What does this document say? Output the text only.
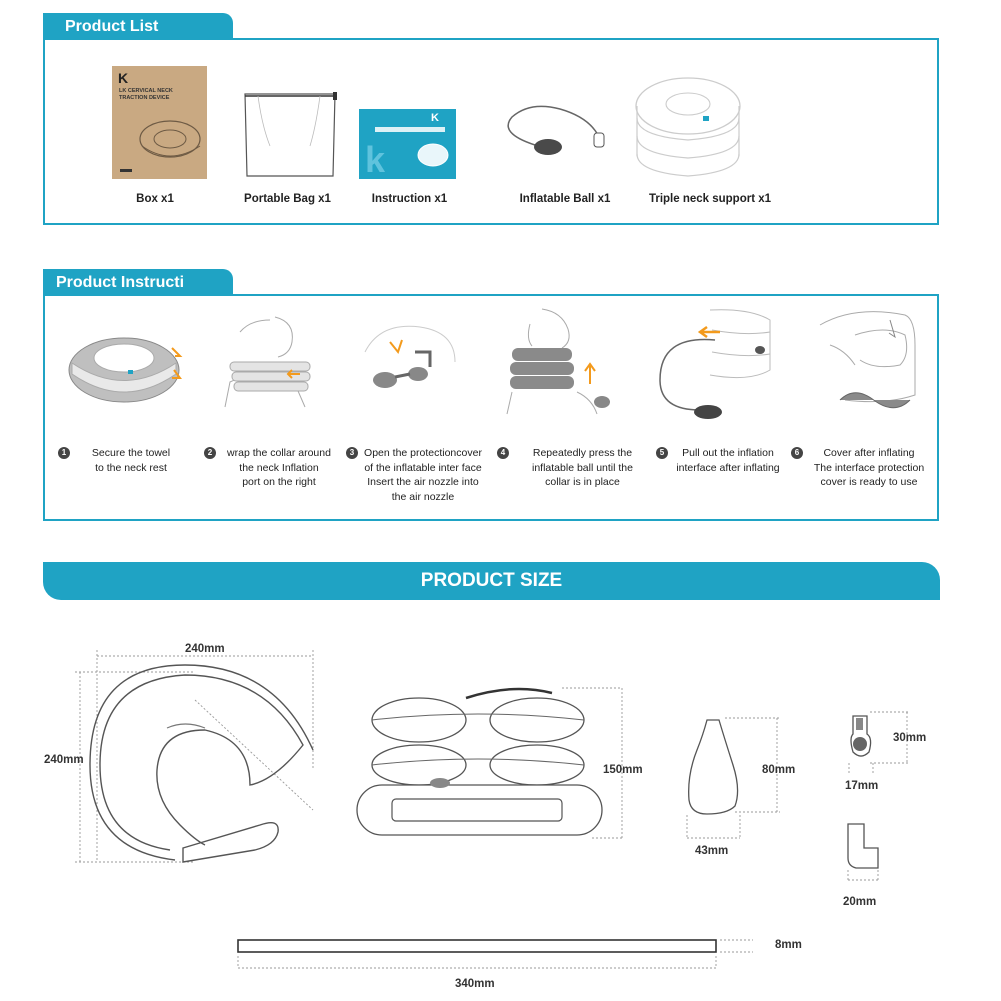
Product List
K
LK CERVICAL NECK TRACTION DEVICE
Box x1	Portable Bag x1
K
k
Instruction x1	Inflatable Ball x1	Triple neck support x1
Product Instructi
1	Secure the towel
to the neck rest
2	wrap the collar around
the neck Inflation
port on the right
3 Open the protectioncover
of the inflatable inter face
Insert the air nozzle into
the air nozzle
4	Repeatedly press the
inflatable ball until the
collar is in place
5	Pull out the inflation
interface after inflating
6	Cover after inflating
The interface protection
cover is ready to use
PRODUCT SIZE
240mm
240mm
150mm	80mm
43mm
30mm
17mm
20mm
8mm
340mm
